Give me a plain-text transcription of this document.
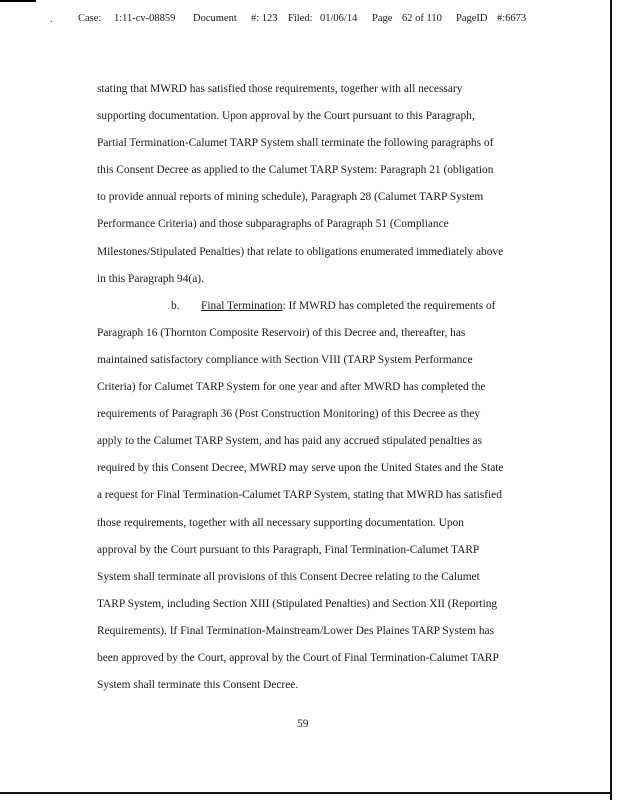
. Case: 1:11-cv-08859 Document #: 123 Filed: 01/06/14 Page 62 of 110 PageID #:6673
stating that MWRD has satisfied those requirements, together with all necessary
supporting documentation. Upon approval by the Court pursuant to this Paragraph,
Partial Termination-Calumet TARP System shall terminate the following paragraphs of
this Consent Decree as applied to the Calumet TARP System: Paragraph 21 (obligation
to provide annual reports of mining schedule), Paragraph 28 (Calumet TARP System
Performance Criteria) and those subparagraphs of Paragraph 51 (Compliance
Milestones/Stipulated Penalties) that relate to obligations enumerated immediately above
in this Paragraph 94(a).
b. Final Termination: If MWRD has completed the requirements of
Paragraph 16 (Thornton Composite Reservoir) of this Decree and, thereafter, has
maintained satisfactory compliance with Section VIII (TARP System Performance
Criteria) for Calumet TARP System for one year and after MWRD has completed the
requirements of Paragraph 36 (Post Construction Monitoring) of this Decree as they
apply to the Calumet TARP System, and has paid any accrued stipulated penalties as
required by this Consent Decree, MWRD may serve upon the United States and the State
a request for Final Termination-Calumet TARP System, stating that MWRD has satisfied
those requirements, together with all necessary supporting documentation. Upon
approval by the Court pursuant to this Paragraph, Final Termination-Calumet TARP
System shall terminate all provisions of this Consent Decree relating to the Calumet
TARP System, including Section XIII (Stipulated Penalties) and Section XII (Reporting
Requirements). If Final Termination-Mainstream/Lower Des Plaines TARP System has
been approved by the Court, approval by the Court of Final Termination-Calumet TARP
System shall terminate this Consent Decree.
59
